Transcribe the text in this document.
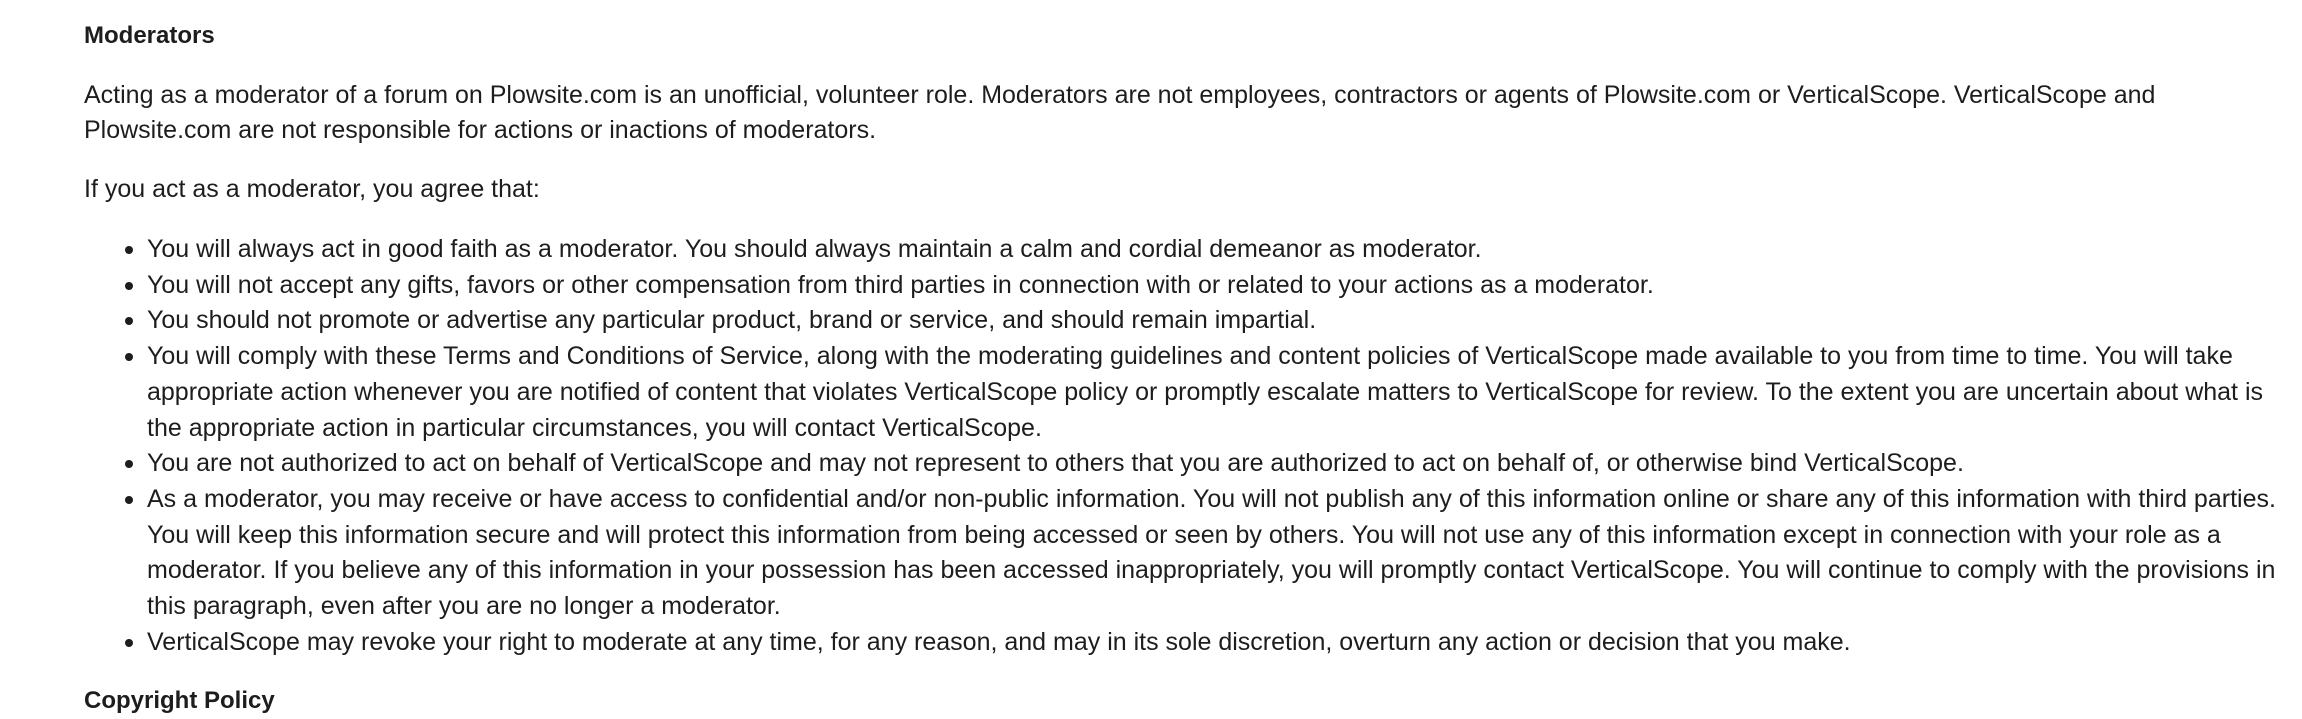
Moderators

Acting as a moderator of a forum on Plowsite.com is an unofficial, volunteer role. Moderators are not employees, contractors or agents of Plowsite.com or VerticalScope. VerticalScope and Plowsite.com are not responsible for actions or inactions of moderators.

If you act as a moderator, you agree that:

You will always act in good faith as a moderator. You should always maintain a calm and cordial demeanor as moderator.
You will not accept any gifts, favors or other compensation from third parties in connection with or related to your actions as a moderator.
You should not promote or advertise any particular product, brand or service, and should remain impartial.
You will comply with these Terms and Conditions of Service, along with the moderating guidelines and content policies of VerticalScope made available to you from time to time. You will take appropriate action whenever you are notified of content that violates VerticalScope policy or promptly escalate matters to VerticalScope for review. To the extent you are uncertain about what is the appropriate action in particular circumstances, you will contact VerticalScope.
You are not authorized to act on behalf of VerticalScope and may not represent to others that you are authorized to act on behalf of, or otherwise bind VerticalScope.
As a moderator, you may receive or have access to confidential and/or non-public information. You will not publish any of this information online or share any of this information with third parties. You will keep this information secure and will protect this information from being accessed or seen by others. You will not use any of this information except in connection with your role as a moderator. If you believe any of this information in your possession has been accessed inappropriately, you will promptly contact VerticalScope. You will continue to comply with the provisions in this paragraph, even after you are no longer a moderator.
VerticalScope may revoke your right to moderate at any time, for any reason, and may in its sole discretion, overturn any action or decision that you make.
Copyright Policy
